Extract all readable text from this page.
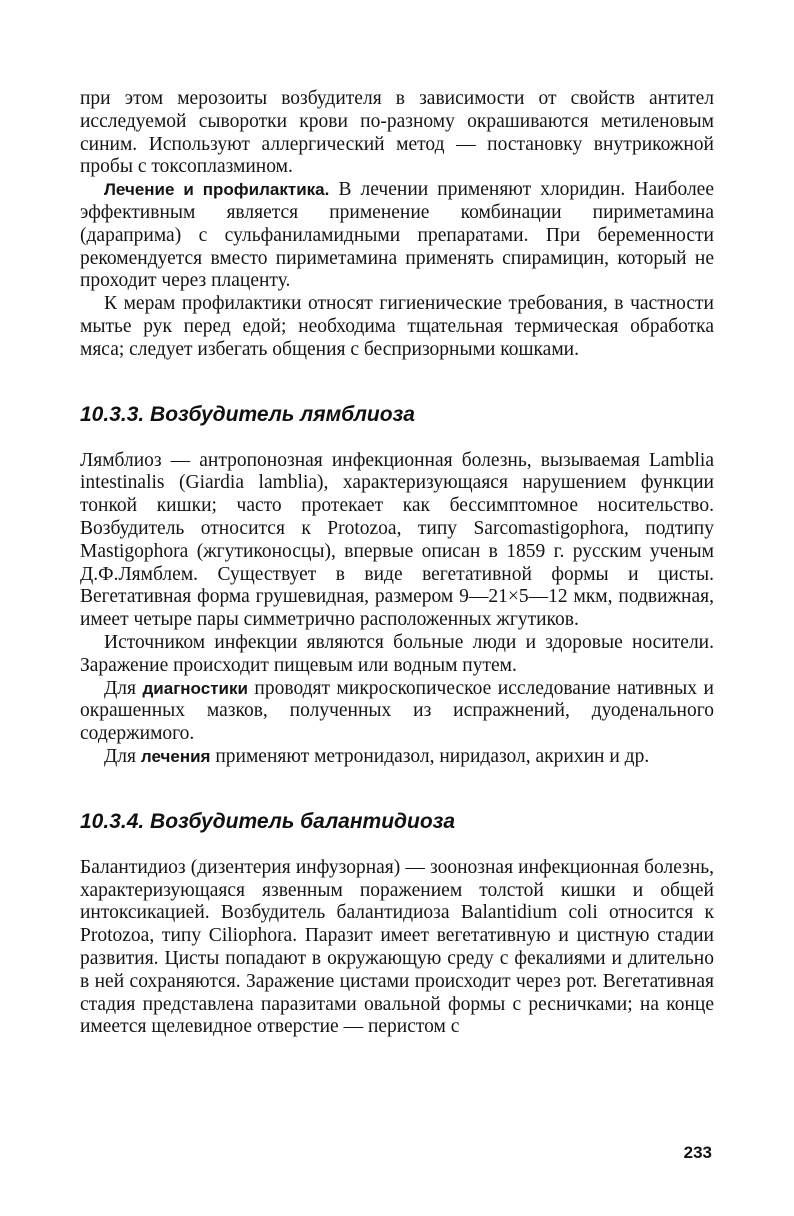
при этом мерозоиты возбудителя в зависимости от свойств антител исследуемой сыворотки крови по-разному окрашиваются метиленовым синим. Используют аллергический метод — постановку внутрикожной пробы с токсоплазмином.

Лечение и профилактика. В лечении применяют хлоридин. Наиболее эффективным является применение комбинации пириметамина (дараприма) с сульфаниламидными препаратами. При беременности рекомендуется вместо пириметамина применять спирамицин, который не проходит через плаценту.

К мерам профилактики относят гигиенические требования, в частности мытье рук перед едой; необходима тщательная термическая обработка мяса; следует избегать общения с беспризорными кошками.

10.3.3. Возбудитель лямблиоза

Лямблиоз — антропонозная инфекционная болезнь, вызываемая Lamblia intestinalis (Giardia lamblia), характеризующаяся нарушением функции тонкой кишки; часто протекает как бессимптомное носительство. Возбудитель относится к Protozoa, типу Sarcomastigophora, подтипу Mastigophora (жгутиконосцы), впервые описан в 1859 г. русским ученым Д.Ф.Лямблем. Существует в виде вегетативной формы и цисты. Вегетативная форма грушевидная, размером 9—21×5—12 мкм, подвижная, имеет четыре пары симметрично расположенных жгутиков.

Источником инфекции являются больные люди и здоровые носители. Заражение происходит пищевым или водным путем.

Для диагностики проводят микроскопическое исследование нативных и окрашенных мазков, полученных из испражнений, дуоденального содержимого.

Для лечения применяют метронидазол, ниридазол, акрихин и др.

10.3.4. Возбудитель балантидиоза

Балантидиоз (дизентерия инфузорная) — зоонозная инфекционная болезнь, характеризующаяся язвенным поражением толстой кишки и общей интоксикацией. Возбудитель балантидиоза Balantidium coli относится к Protozoa, типу Ciliophora. Паразит имеет вегетативную и цистную стадии развития. Цисты попадают в окружающую среду с фекалиями и длительно в ней сохраняются. Заражение цистами происходит через рот. Вегетативная стадия представлена паразитами овальной формы с ресничками; на конце имеется щелевидное отверстие — перистом с

233
